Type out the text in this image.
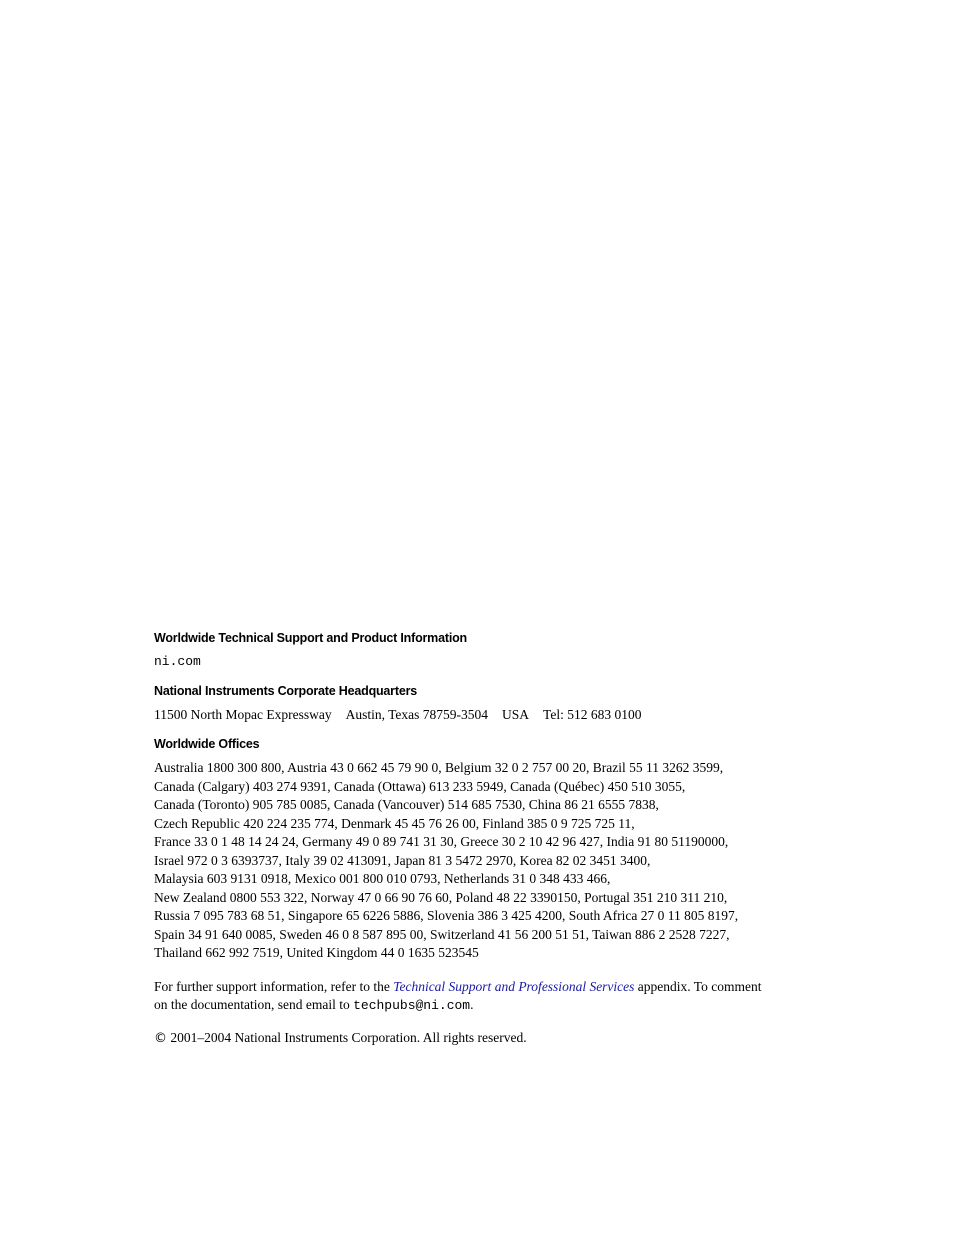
Worldwide Technical Support and Product Information

ni.com

National Instruments Corporate Headquarters

11500 North Mopac Expressway Austin, Texas 78759-3504 USA Tel: 512 683 0100

Worldwide Offices

Australia 1800 300 800, Austria 43 0 662 45 79 90 0, Belgium 32 0 2 757 00 20, Brazil 55 11 3262 3599,
Canada (Calgary) 403 274 9391, Canada (Ottawa) 613 233 5949, Canada (Québec) 450 510 3055,
Canada (Toronto) 905 785 0085, Canada (Vancouver) 514 685 7530, China 86 21 6555 7838,
Czech Republic 420 224 235 774, Denmark 45 45 76 26 00, Finland 385 0 9 725 725 11,
France 33 0 1 48 14 24 24, Germany 49 0 89 741 31 30, Greece 30 2 10 42 96 427, India 91 80 51190000,
Israel 972 0 3 6393737, Italy 39 02 413091, Japan 81 3 5472 2970, Korea 82 02 3451 3400,
Malaysia 603 9131 0918, Mexico 001 800 010 0793, Netherlands 31 0 348 433 466,
New Zealand 0800 553 322, Norway 47 0 66 90 76 60, Poland 48 22 3390150, Portugal 351 210 311 210,
Russia 7 095 783 68 51, Singapore 65 6226 5886, Slovenia 386 3 425 4200, South Africa 27 0 11 805 8197,
Spain 34 91 640 0085, Sweden 46 0 8 587 895 00, Switzerland 41 56 200 51 51, Taiwan 886 2 2528 7227,
Thailand 662 992 7519, United Kingdom 44 0 1635 523545
For further support information, refer to the Technical Support and Professional Services appendix. To comment
on the documentation, send email to techpubs@ni.com.
© 2001–2004 National Instruments Corporation. All rights reserved.
